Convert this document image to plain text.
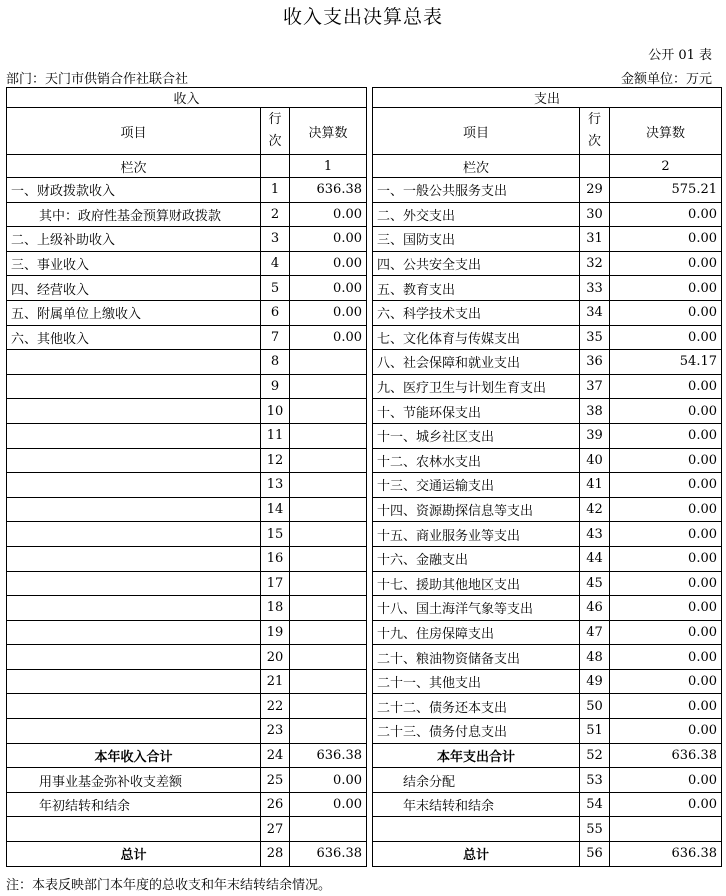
收入支出决算总表
公开 01 表
部门：天门市供销合作社联合社	金额单位：万元
收入				支出		
项目	行次	决算数		项目	行次	决算数
栏次		1		栏次		2
一、财政拨款收入	1	636.38		一、一般公共服务支出	29	575.21
其中：政府性基金预算财政拨款	2	0.00		二、外交支出	30	0.00
二、上级补助收入	3	0.00		三、国防支出	31	0.00
三、事业收入	4	0.00		四、公共安全支出	32	0.00
四、经营收入	5	0.00		五、教育支出	33	0.00
五、附属单位上缴收入	6	0.00		六、科学技术支出	34	0.00
六、其他收入	7	0.00		七、文化体育与传媒支出	35	0.00
	8			八、社会保障和就业支出	36	54.17
	9			九、医疗卫生与计划生育支出	37	0.00
	10			十、节能环保支出	38	0.00
	11			十一、城乡社区支出	39	0.00
	12			十二、农林水支出	40	0.00
	13			十三、交通运输支出	41	0.00
	14			十四、资源勘探信息等支出	42	0.00
	15			十五、商业服务业等支出	43	0.00
	16			十六、金融支出	44	0.00
	17			十七、援助其他地区支出	45	0.00
	18			十八、国土海洋气象等支出	46	0.00
	19			十九、住房保障支出	47	0.00
	20			二十、粮油物资储备支出	48	0.00
	21			二十一、其他支出	49	0.00
	22			二十二、债务还本支出	50	0.00
	23			二十三、债务付息支出	51	0.00
本年收入合计	24	636.38		本年支出合计	52	636.38
用事业基金弥补收支差额	25	0.00		结余分配	53	0.00
年初结转和结余	26	0.00		年末结转和结余	54	0.00
	27				55	
总计	28	636.38		总计	56	636.38
注：本表反映部门本年度的总收支和年末结转结余情况。
